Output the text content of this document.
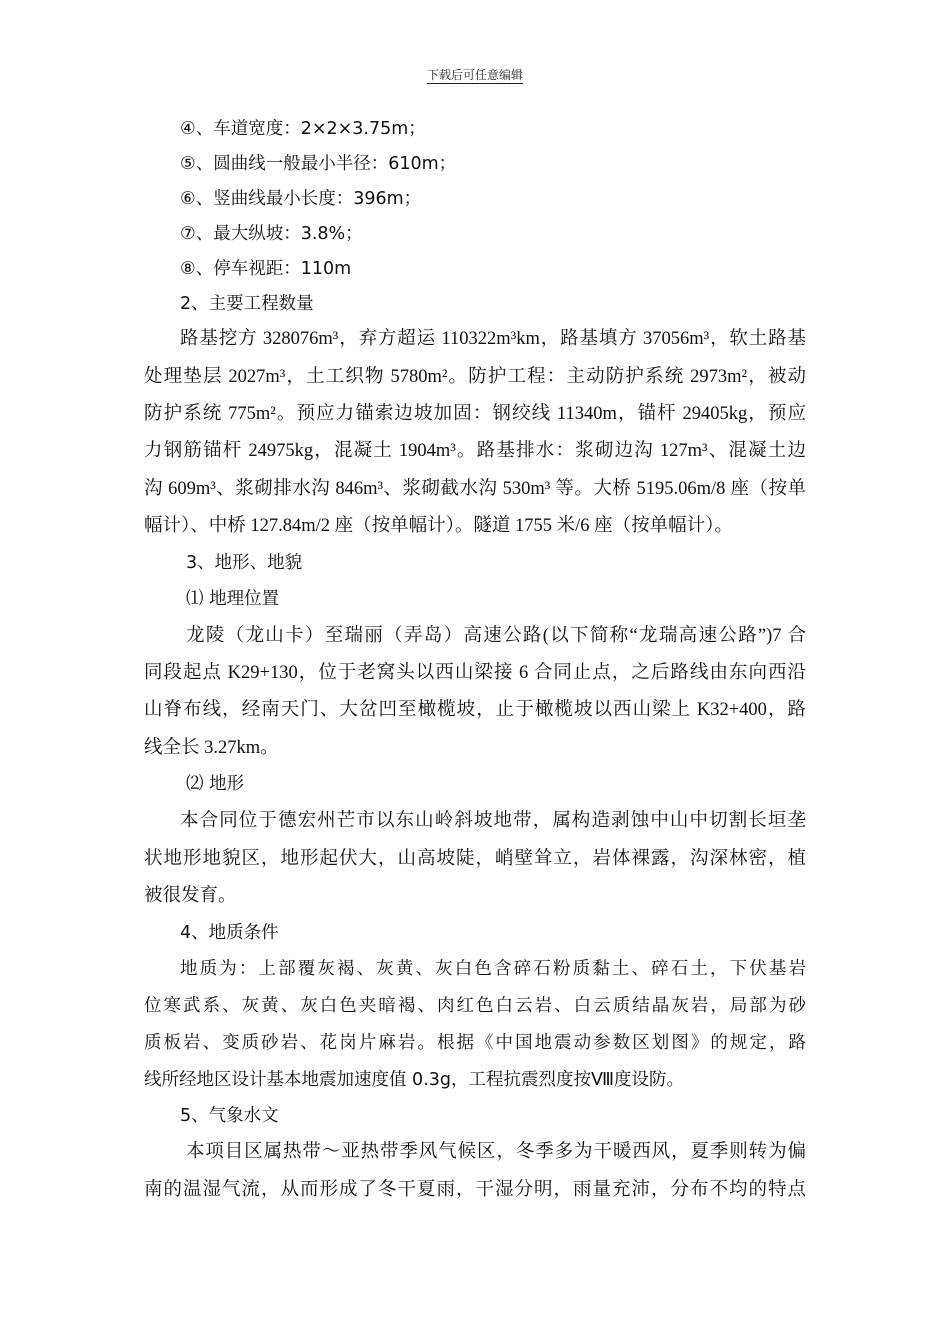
下载后可任意编辑
④、车道宽度：2×2×3.75m；
⑤、圆曲线一般最小半径：610m；
⑥、竖曲线最小长度：396m；
⑦、最大纵坡：3.8%；
⑧、停车视距：110m
2、主要工程数量
路基挖方 328076m³，弃方超运 110322m³km，路基填方 37056m³，软土路基
处理垫层 2027m³，土工织物 5780m²。防护工程：主动防护系统 2973m²，被动
防护系统 775m²。预应力锚索边坡加固：钢绞线 11340m，锚杆 29405kg，预应
力钢筋锚杆 24975kg，混凝土 1904m³。路基排水：浆砌边沟 127m³、混凝土边
沟 609m³、浆砌排水沟 846m³、浆砌截水沟 530m³ 等。大桥 5195.06m/8 座（按单
幅计）、中桥 127.84m/2 座（按单幅计）。隧道 1755 米/6 座（按单幅计）。
3、地形、地貌
⑴ 地理位置
龙陵（龙山卡）至瑞丽（弄岛）高速公路(以下简称“龙瑞高速公路”)7 合
同段起点 K29+130，位于老窝头以西山梁接 6 合同止点，之后路线由东向西沿
山脊布线，经南天门、大岔凹至橄榄坡，止于橄榄坡以西山梁上 K32+400，路
线全长 3.27km。
⑵ 地形
本合同位于德宏州芒市以东山岭斜坡地带，属构造剥蚀中山中切割长垣垄
状地形地貌区，地形起伏大，山高坡陡，峭壁耸立，岩体裸露，沟深林密，植
被很发育。
4、地质条件
地质为：上部覆灰褐、灰黄、灰白色含碎石粉质黏土、碎石土，下伏基岩
位寒武系、灰黄、灰白色夹暗褐、肉红色白云岩、白云质结晶灰岩，局部为砂
质板岩、变质砂岩、花岗片麻岩。根据《中国地震动参数区划图》的规定，路
线所经地区设计基本地震加速度值 0.3g，工程抗震烈度按Ⅷ度设防。
5、气象水文
本项目区属热带～亚热带季风气候区，冬季多为干暖西风，夏季则转为偏
南的温湿气流，从而形成了冬干夏雨，干湿分明，雨量充沛，分布不均的特点
